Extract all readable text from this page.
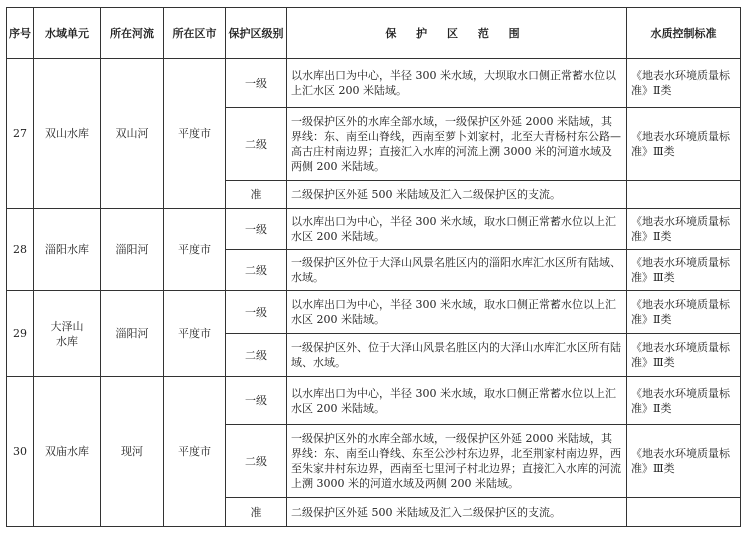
序号	水域单元	所在河流	所在区市	保护区级别	保 护 区 范 围	水质控制标准
27	双山水库	双山河	平度市	一级	以水库出口为中心，半径 300 米水域，大坝取水口侧正常蓄水位以上汇水区 200 米陆域。	《地表水环境质量标准》Ⅱ类
				二级	一级保护区外的水库全部水域，一级保护区外延 2000 米陆域，其界线：东、南至山脊线，西南至萝卜刘家村，北至大青杨村东公路—高古庄村南边界；直接汇入水库的河流上溯 3000 米的河道水域及两侧 200 米陆域。	《地表水环境质量标准》Ⅲ类
				准	二级保护区外延 500 米陆域及汇入二级保护区的支流。	
28	淄阳水库	淄阳河	平度市	一级	以水库出口为中心，半径 300 米水域，取水口侧正常蓄水位以上汇水区 200 米陆域。	《地表水环境质量标准》Ⅱ类
				二级	一级保护区外位于大泽山风景名胜区内的淄阳水库汇水区所有陆域、水域。	《地表水环境质量标准》Ⅲ类
29	大泽山水库	淄阳河	平度市	一级	以水库出口为中心，半径 300 米水域，取水口侧正常蓄水位以上汇水区 200 米陆域。	《地表水环境质量标准》Ⅱ类
				二级	一级保护区外、位于大泽山风景名胜区内的大泽山水库汇水区所有陆域、水域。	《地表水环境质量标准》Ⅲ类
30	双庙水库	现河	平度市	一级	以水库出口为中心，半径 300 米水域，取水口侧正常蓄水位以上汇水区 200 米陆域。	《地表水环境质量标准》Ⅱ类
				二级	一级保护区外的水库全部水域，一级保护区外延 2000 米陆域，其界线：东、南至山脊线、东至公沙村东边界，北至荆家村南边界，西至朱家井村东边界，西南至七里河子村北边界；直接汇入水库的河流上溯 3000 米的河道水域及两侧 200 米陆域。	《地表水环境质量标准》Ⅲ类
				准	二级保护区外延 500 米陆域及汇入二级保护区的支流。	
